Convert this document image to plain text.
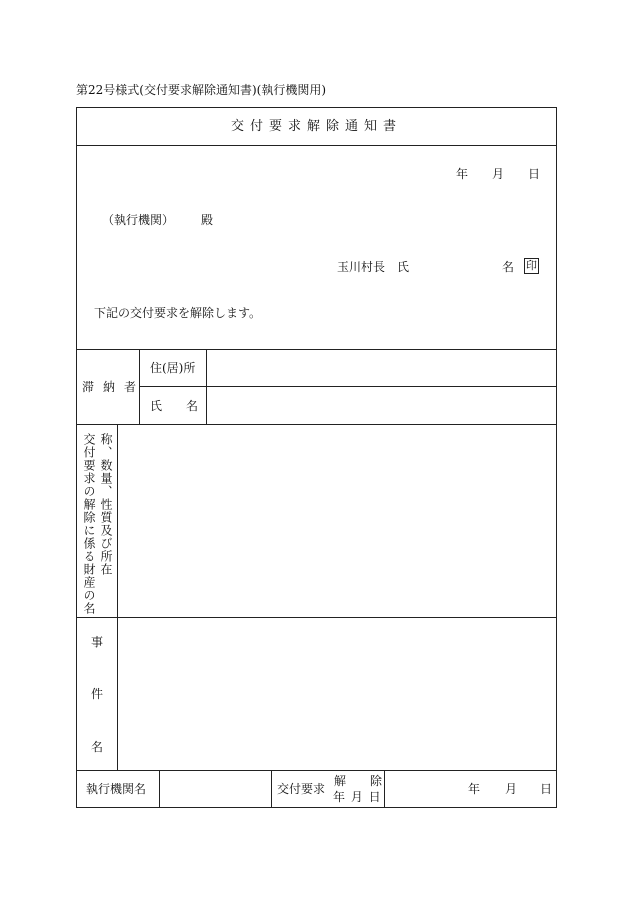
第22号様式(交付要求解除通知書)(執行機関用)
交付要求解除通知書
年 月 日
（執行機関） 殿
玉川村長　氏	名 印
下記の交付要求を解除します。
滞納者
住(居)所
氏　　名
交付要求の解除に係る財産の名 称、数量、性質及び所在
事
件
名
執行機関名	交付要求
解　　除
年 月 日
年 月 日
